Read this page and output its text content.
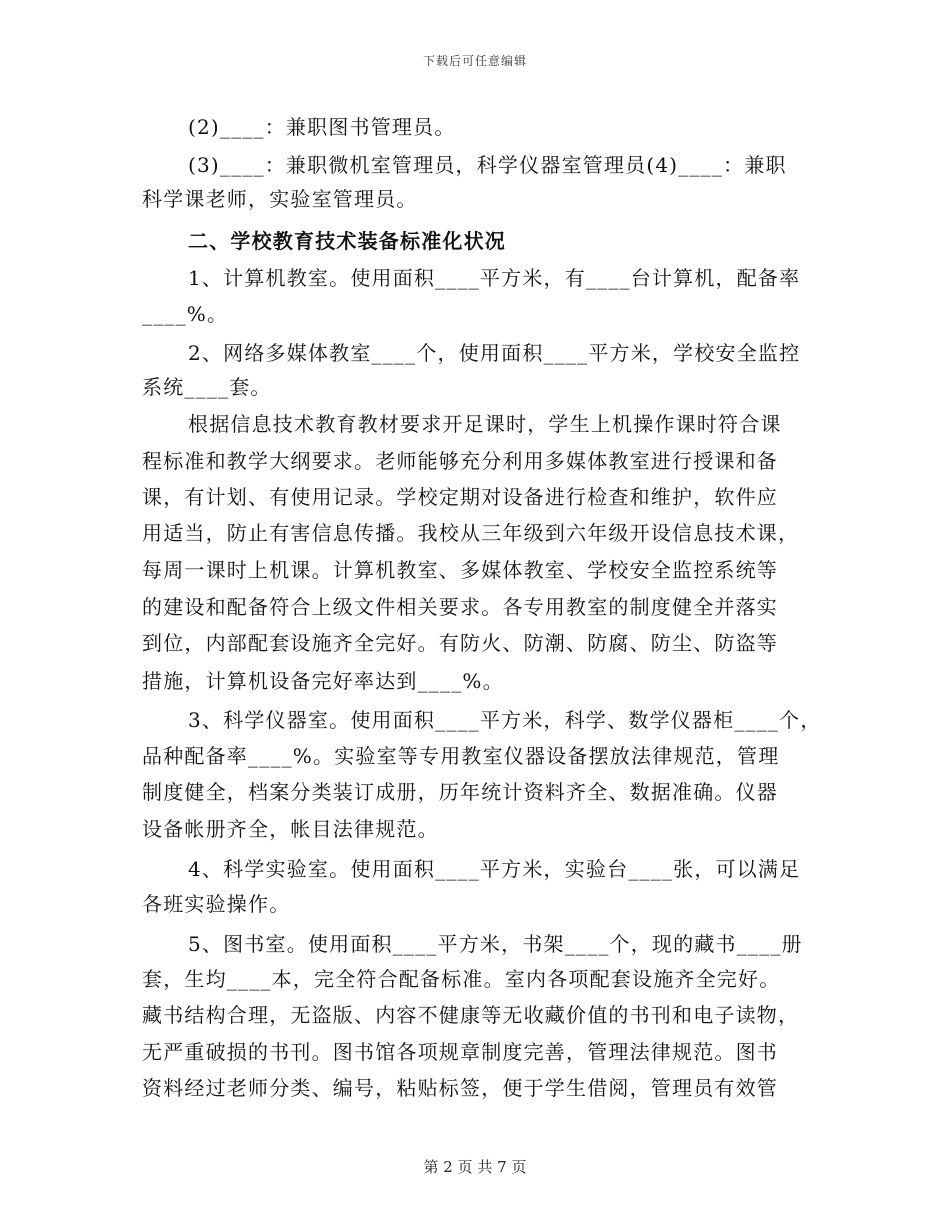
下载后可任意编辑
(2)____：兼职图书管理员。
(3)____：兼职微机室管理员，科学仪器室管理员(4)____：兼职
科学课老师，实验室管理员。
二、学校教育技术装备标准化状况
1、计算机教室。使用面积____平方米，有____台计算机，配备率
____%。
2、网络多媒体教室____个，使用面积____平方米，学校安全监控
系统____套。
根据信息技术教育教材要求开足课时，学生上机操作课时符合课
程标准和教学大纲要求。老师能够充分利用多媒体教室进行授课和备
课，有计划、有使用记录。学校定期对设备进行检查和维护，软件应
用适当，防止有害信息传播。我校从三年级到六年级开设信息技术课，
每周一课时上机课。计算机教室、多媒体教室、学校安全监控系统等
的建设和配备符合上级文件相关要求。各专用教室的制度健全并落实
到位，内部配套设施齐全完好。有防火、防潮、防腐、防尘、防盗等
措施，计算机设备完好率达到____%。
3、科学仪器室。使用面积____平方米，科学、数学仪器柜____个，
品种配备率____%。实验室等专用教室仪器设备摆放法律规范，管理
制度健全，档案分类装订成册，历年统计资料齐全、数据准确。仪器
设备帐册齐全，帐目法律规范。
4、科学实验室。使用面积____平方米，实验台____张，可以满足
各班实验操作。
5、图书室。使用面积____平方米，书架____个，现的藏书____册
套，生均____本，完全符合配备标准。室内各项配套设施齐全完好。
藏书结构合理，无盗版、内容不健康等无收藏价值的书刊和电子读物，
无严重破损的书刊。图书馆各项规章制度完善，管理法律规范。图书
资料经过老师分类、编号，粘贴标签，便于学生借阅，管理员有效管
第 2 页 共 7 页
